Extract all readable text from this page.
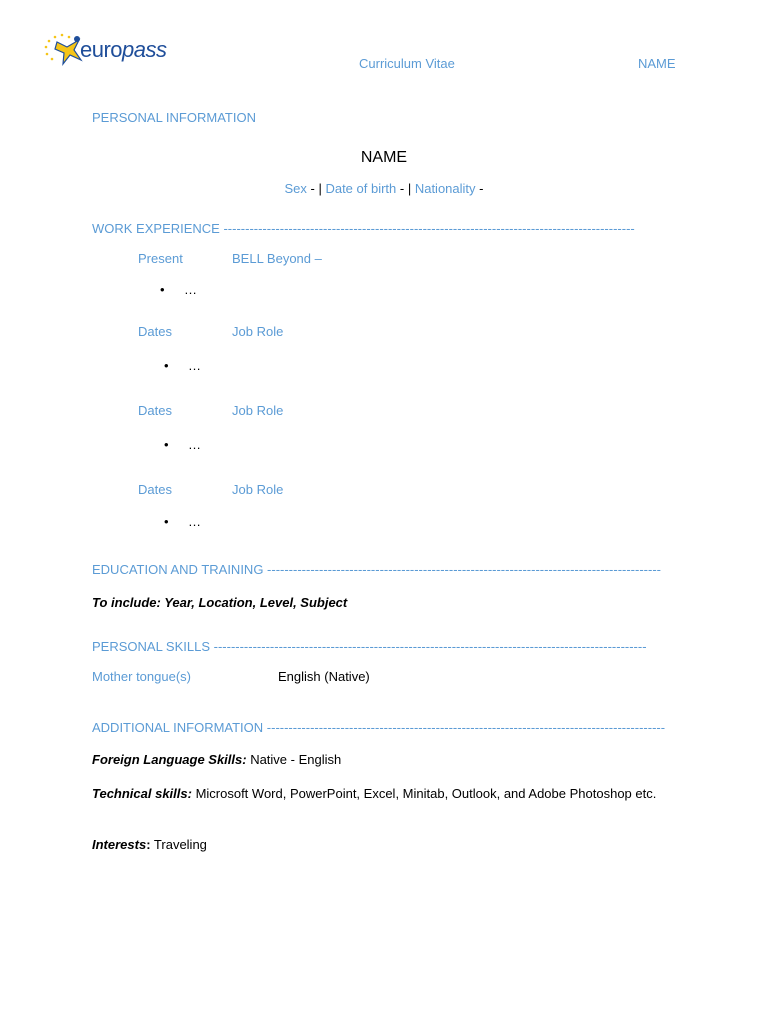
europass
Curriculum Vitae	NAME
PERSONAL INFORMATION
NAME
Sex - | Date of birth - | Nationality -
WORK EXPERIENCE -----------------------------------------------------------------------------------------------
Present	BELL Beyond –
• …
Dates	Job Role
• …
Dates	Job Role
• …
Dates	Job Role
• …
EDUCATION AND TRAINING -------------------------------------------------------------------------------------------
To include: Year, Location, Level, Subject
PERSONAL SKILLS ----------------------------------------------------------------------------------------------------
Mother tongue(s)	English (Native)
ADDITIONAL INFORMATION --------------------------------------------------------------------------------------------
Foreign Language Skills: Native - English
Technical skills: Microsoft Word, PowerPoint, Excel, Minitab, Outlook, and Adobe Photoshop etc.
Interests: Traveling
